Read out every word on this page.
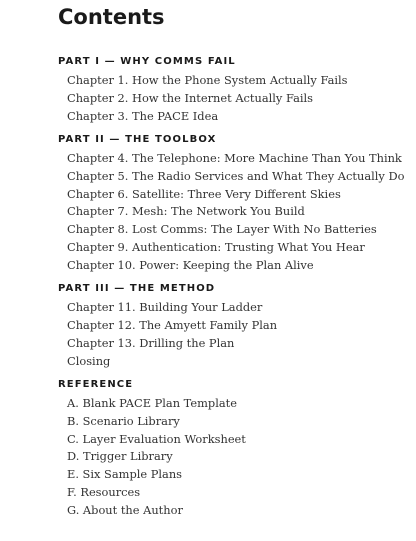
Contents
PART I — WHY COMMS FAIL
Chapter 1. How the Phone System Actually Fails
Chapter 2. How the Internet Actually Fails
Chapter 3. The PACE Idea
PART II — THE TOOLBOX
Chapter 4. The Telephone: More Machine Than You Think
Chapter 5. The Radio Services and What They Actually Do
Chapter 6. Satellite: Three Very Different Skies
Chapter 7. Mesh: The Network You Build
Chapter 8. Lost Comms: The Layer With No Batteries
Chapter 9. Authentication: Trusting What You Hear
Chapter 10. Power: Keeping the Plan Alive
PART III — THE METHOD
Chapter 11. Building Your Ladder
Chapter 12. The Amyett Family Plan
Chapter 13. Drilling the Plan
Closing
REFERENCE
A. Blank PACE Plan Template
B. Scenario Library
C. Layer Evaluation Worksheet
D. Trigger Library
E. Six Sample Plans
F. Resources
G. About the Author
